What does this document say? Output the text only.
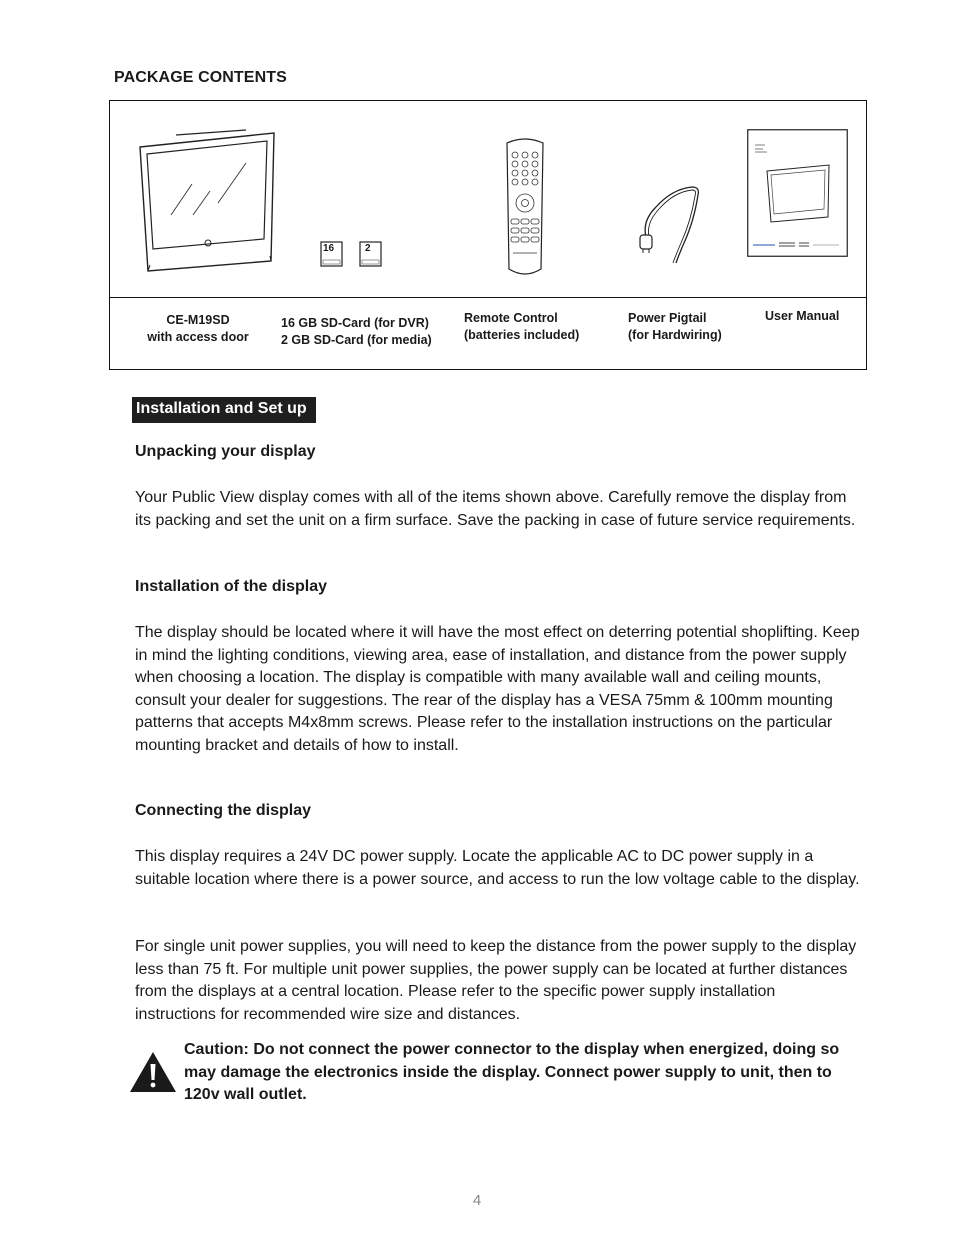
PACKAGE CONTENTS
16	2
CE-M19SD
with access door
16 GB SD-Card (for DVR)
2 GB SD-Card (for media)
Remote Control
(batteries included)
Power Pigtail
(for Hardwiring)
User Manual
Installation and Set up
Unpacking your display

Your Public View display comes with all of the items shown above. Carefully remove the display from its packing and set the unit on a firm surface. Save the packing in case of future service requirements.

Installation of the display

The display should be located where it will have the most effect on deterring potential shoplifting. Keep in mind the lighting conditions, viewing area, ease of installation, and distance from the power supply when choosing a location. The display is compatible with many available wall and ceiling mounts, consult your dealer for suggestions. The rear of the display has a VESA 75mm & 100mm mounting patterns that accepts M4x8mm screws. Please refer to the installation instructions on the particular mounting bracket and details of how to install.

Connecting the display

This display requires a 24V DC power supply. Locate the applicable AC to DC power supply in a suitable location where there is a power source, and access to run the low voltage cable to the display.

For single unit power supplies, you will need to keep the distance from the power supply to the display less than 75 ft. For multiple unit power supplies, the power supply can be located at further distances from the displays at a central location. Please refer to the specific power supply installation instructions for recommended wire size and distances.

Caution: Do not connect the power connector to the display when energized, doing so may damage the electronics inside the display. Connect power supply to unit, then to 120v wall outlet.

4
